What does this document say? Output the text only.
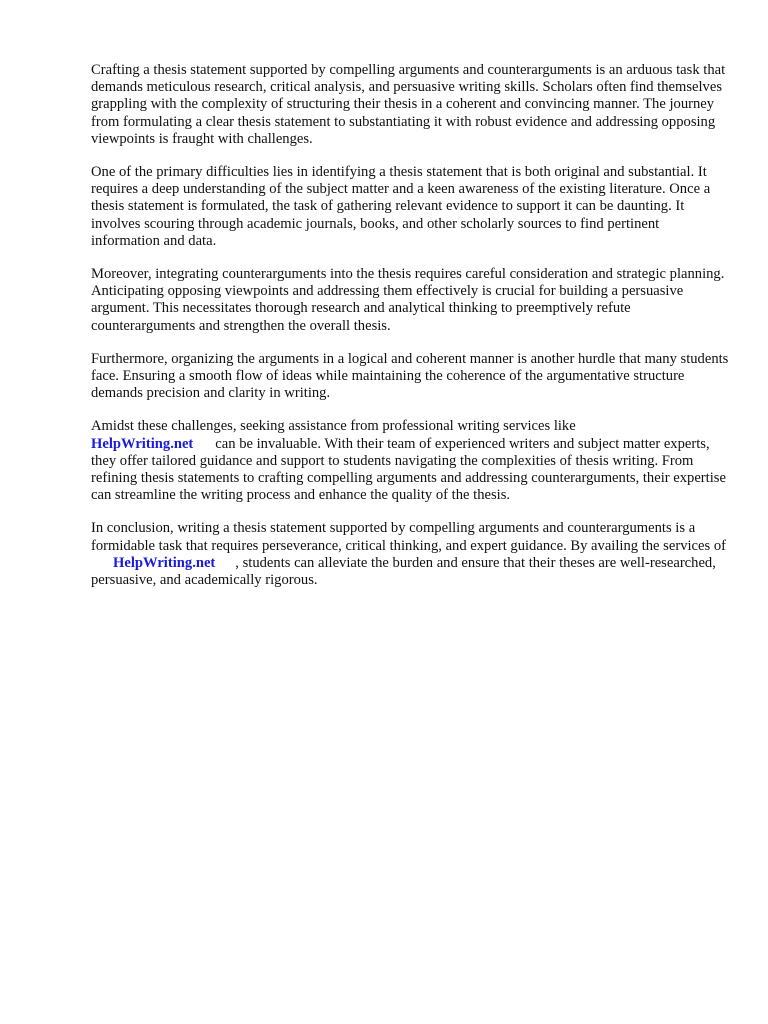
Crafting a thesis statement supported by compelling arguments and counterarguments is an arduous task that demands meticulous research, critical analysis, and persuasive writing skills. Scholars often find themselves grappling with the complexity of structuring their thesis in a coherent and convincing manner. The journey from formulating a clear thesis statement to substantiating it with robust evidence and addressing opposing viewpoints is fraught with challenges.

One of the primary difficulties lies in identifying a thesis statement that is both original and substantial. It requires a deep understanding of the subject matter and a keen awareness of the existing literature. Once a thesis statement is formulated, the task of gathering relevant evidence to support it can be daunting. It involves scouring through academic journals, books, and other scholarly sources to find pertinent information and data.

Moreover, integrating counterarguments into the thesis requires careful consideration and strategic planning. Anticipating opposing viewpoints and addressing them effectively is crucial for building a persuasive argument. This necessitates thorough research and analytical thinking to preemptively refute counterarguments and strengthen the overall thesis.

Furthermore, organizing the arguments in a logical and coherent manner is another hurdle that many students face. Ensuring a smooth flow of ideas while maintaining the coherence of the argumentative structure demands precision and clarity in writing.

Amidst these challenges, seeking assistance from professional writing services like
HelpWriting.net can be invaluable. With their team of experienced writers and subject matter experts, they offer tailored guidance and support to students navigating the complexities of thesis writing. From refining thesis statements to crafting compelling arguments and addressing counterarguments, their expertise can streamline the writing process and enhance the quality of the thesis.

In conclusion, writing a thesis statement supported by compelling arguments and counterarguments is a formidable task that requires perseverance, critical thinking, and expert guidance. By availing the services ofHelpWriting.net , students can alleviate the burden and ensure that their theses are well-researched, persuasive, and academically rigorous.
